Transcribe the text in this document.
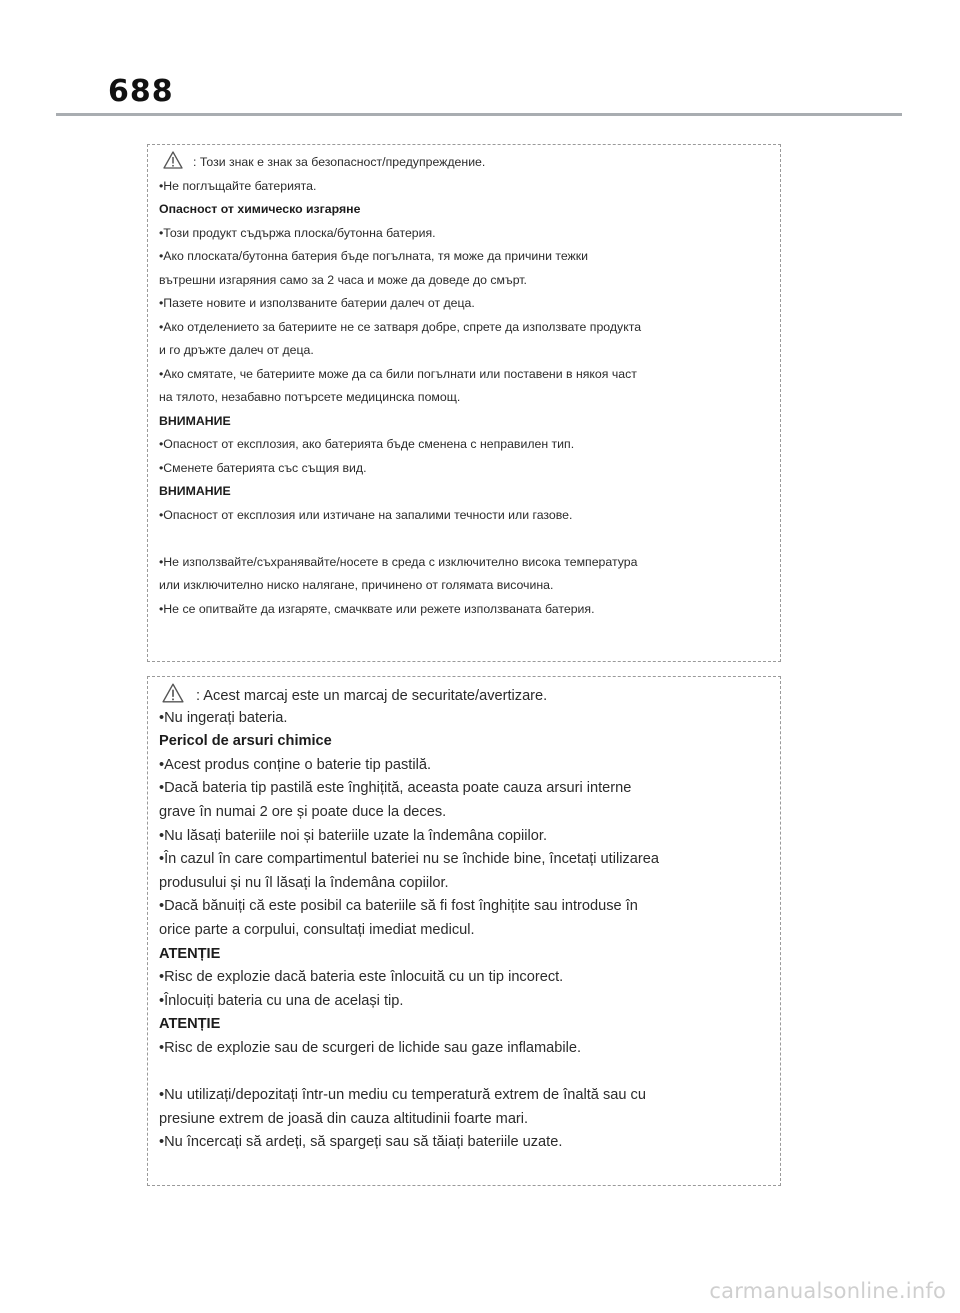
688
: Този знак е знак за безопасност/предупреждение.
•Не поглъщайте батерията.
Опасност от химическо изгаряне
•Този продукт съдържа плоска/бутонна батерия.
•Ако плоската/бутонна батерия бъде погълната, тя може да причини тежки
вътрешни изгаряния само за 2 часа и може да доведе до смърт.
•Пазете новите и използваните батерии далеч от деца.
•Ако отделението за батериите не се затваря добре, спрете да използвате продукта
и го дръжте далеч от деца.
•Ако смятате, че батериите може да са били погълнати или поставени в някоя част
на тялото, незабавно потърсете медицинска помощ.
ВНИМАНИЕ
•Опасност от експлозия, ако батерията бъде сменена с неправилен тип.
•Сменете батерията със същия вид.
ВНИМАНИЕ
•Опасност от експлозия или изтичане на запалими течности или газове.
•Не използвайте/съхранявайте/носете в среда с изключително висока температура
или изключително ниско налягане, причинено от голямата височина.
•Не се опитвайте да изгаряте, смачквате или режете използваната батерия.
: Acest marcaj este un marcaj de securitate/avertizare.
•Nu ingerați bateria.
Pericol de arsuri chimice
•Acest produs conține o baterie tip pastilă.
•Dacă bateria tip pastilă este înghițită, aceasta poate cauza arsuri interne
grave în numai 2 ore și poate duce la deces.
•Nu lăsați bateriile noi și bateriile uzate la îndemâna copiilor.
•În cazul în care compartimentul bateriei nu se închide bine, încetați utilizarea
produsului și nu îl lăsați la îndemâna copiilor.
•Dacă bănuiți că este posibil ca bateriile să fi fost înghițite sau introduse în
orice parte a corpului, consultați imediat medicul.
ATENȚIE
•Risc de explozie dacă bateria este înlocuită cu un tip incorect.
•Înlocuiți bateria cu una de același tip.
ATENȚIE
•Risc de explozie sau de scurgeri de lichide sau gaze inflamabile.
•Nu utilizați/depozitați într-un mediu cu temperatură extrem de înaltă sau cu
presiune extrem de joasă din cauza altitudinii foarte mari.
•Nu încercați să ardeți, să spargeți sau să tăiați bateriile uzate.
carmanualsonline.info
